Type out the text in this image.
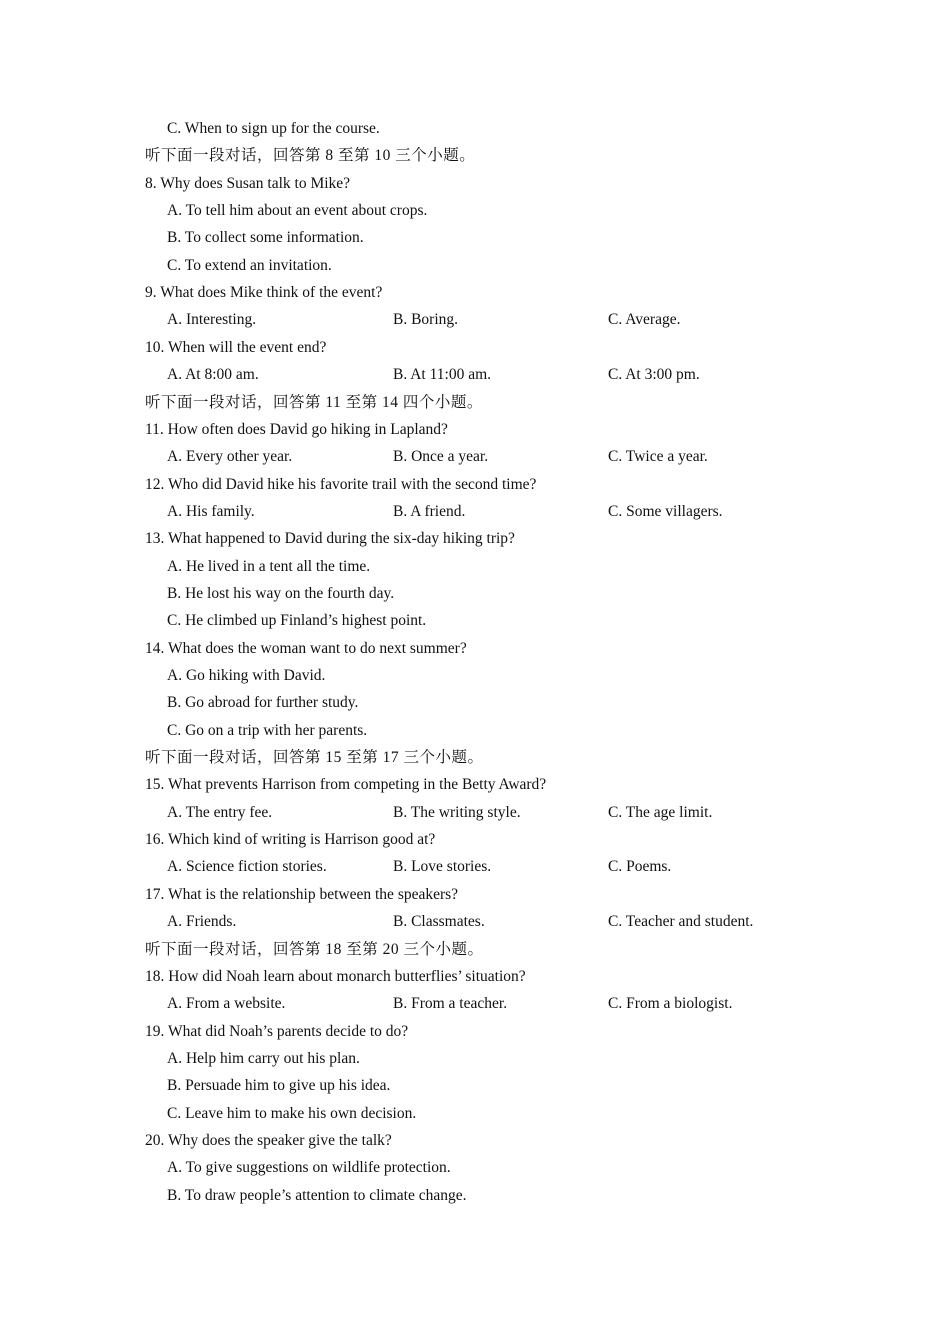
C. When to sign up for the course.
听下面一段对话，回答第 8 至第 10 三个小题。
8. Why does Susan talk to Mike?
A. To tell him about an event about crops.
B. To collect some information.
C. To extend an invitation.
9. What does Mike think of the event?
A. Interesting.	B. Boring.	C. Average.
10. When will the event end?
A. At 8:00 am.	B. At 11:00 am.	C. At 3:00 pm.
听下面一段对话，回答第 11 至第 14 四个小题。
11. How often does David go hiking in Lapland?
A. Every other year.	B. Once a year.	C. Twice a year.
12. Who did David hike his favorite trail with the second time?
A. His family.	B. A friend.	C. Some villagers.
13. What happened to David during the six-day hiking trip?
A. He lived in a tent all the time.
B. He lost his way on the fourth day.
C. He climbed up Finland’s highest point.
14. What does the woman want to do next summer?
A. Go hiking with David.
B. Go abroad for further study.
C. Go on a trip with her parents.
听下面一段对话，回答第 15 至第 17 三个小题。
15. What prevents Harrison from competing in the Betty Award?
A. The entry fee.	B. The writing style.	C. The age limit.
16. Which kind of writing is Harrison good at?
A. Science fiction stories.	B. Love stories.	C. Poems.
17. What is the relationship between the speakers?
A. Friends.	B. Classmates.	C. Teacher and student.
听下面一段对话，回答第 18 至第 20 三个小题。
18. How did Noah learn about monarch butterflies’ situation?
A. From a website.	B. From a teacher.	C. From a biologist.
19. What did Noah’s parents decide to do?
A. Help him carry out his plan.
B. Persuade him to give up his idea.
C. Leave him to make his own decision.
20. Why does the speaker give the talk?
A. To give suggestions on wildlife protection.
B. To draw people’s attention to climate change.
